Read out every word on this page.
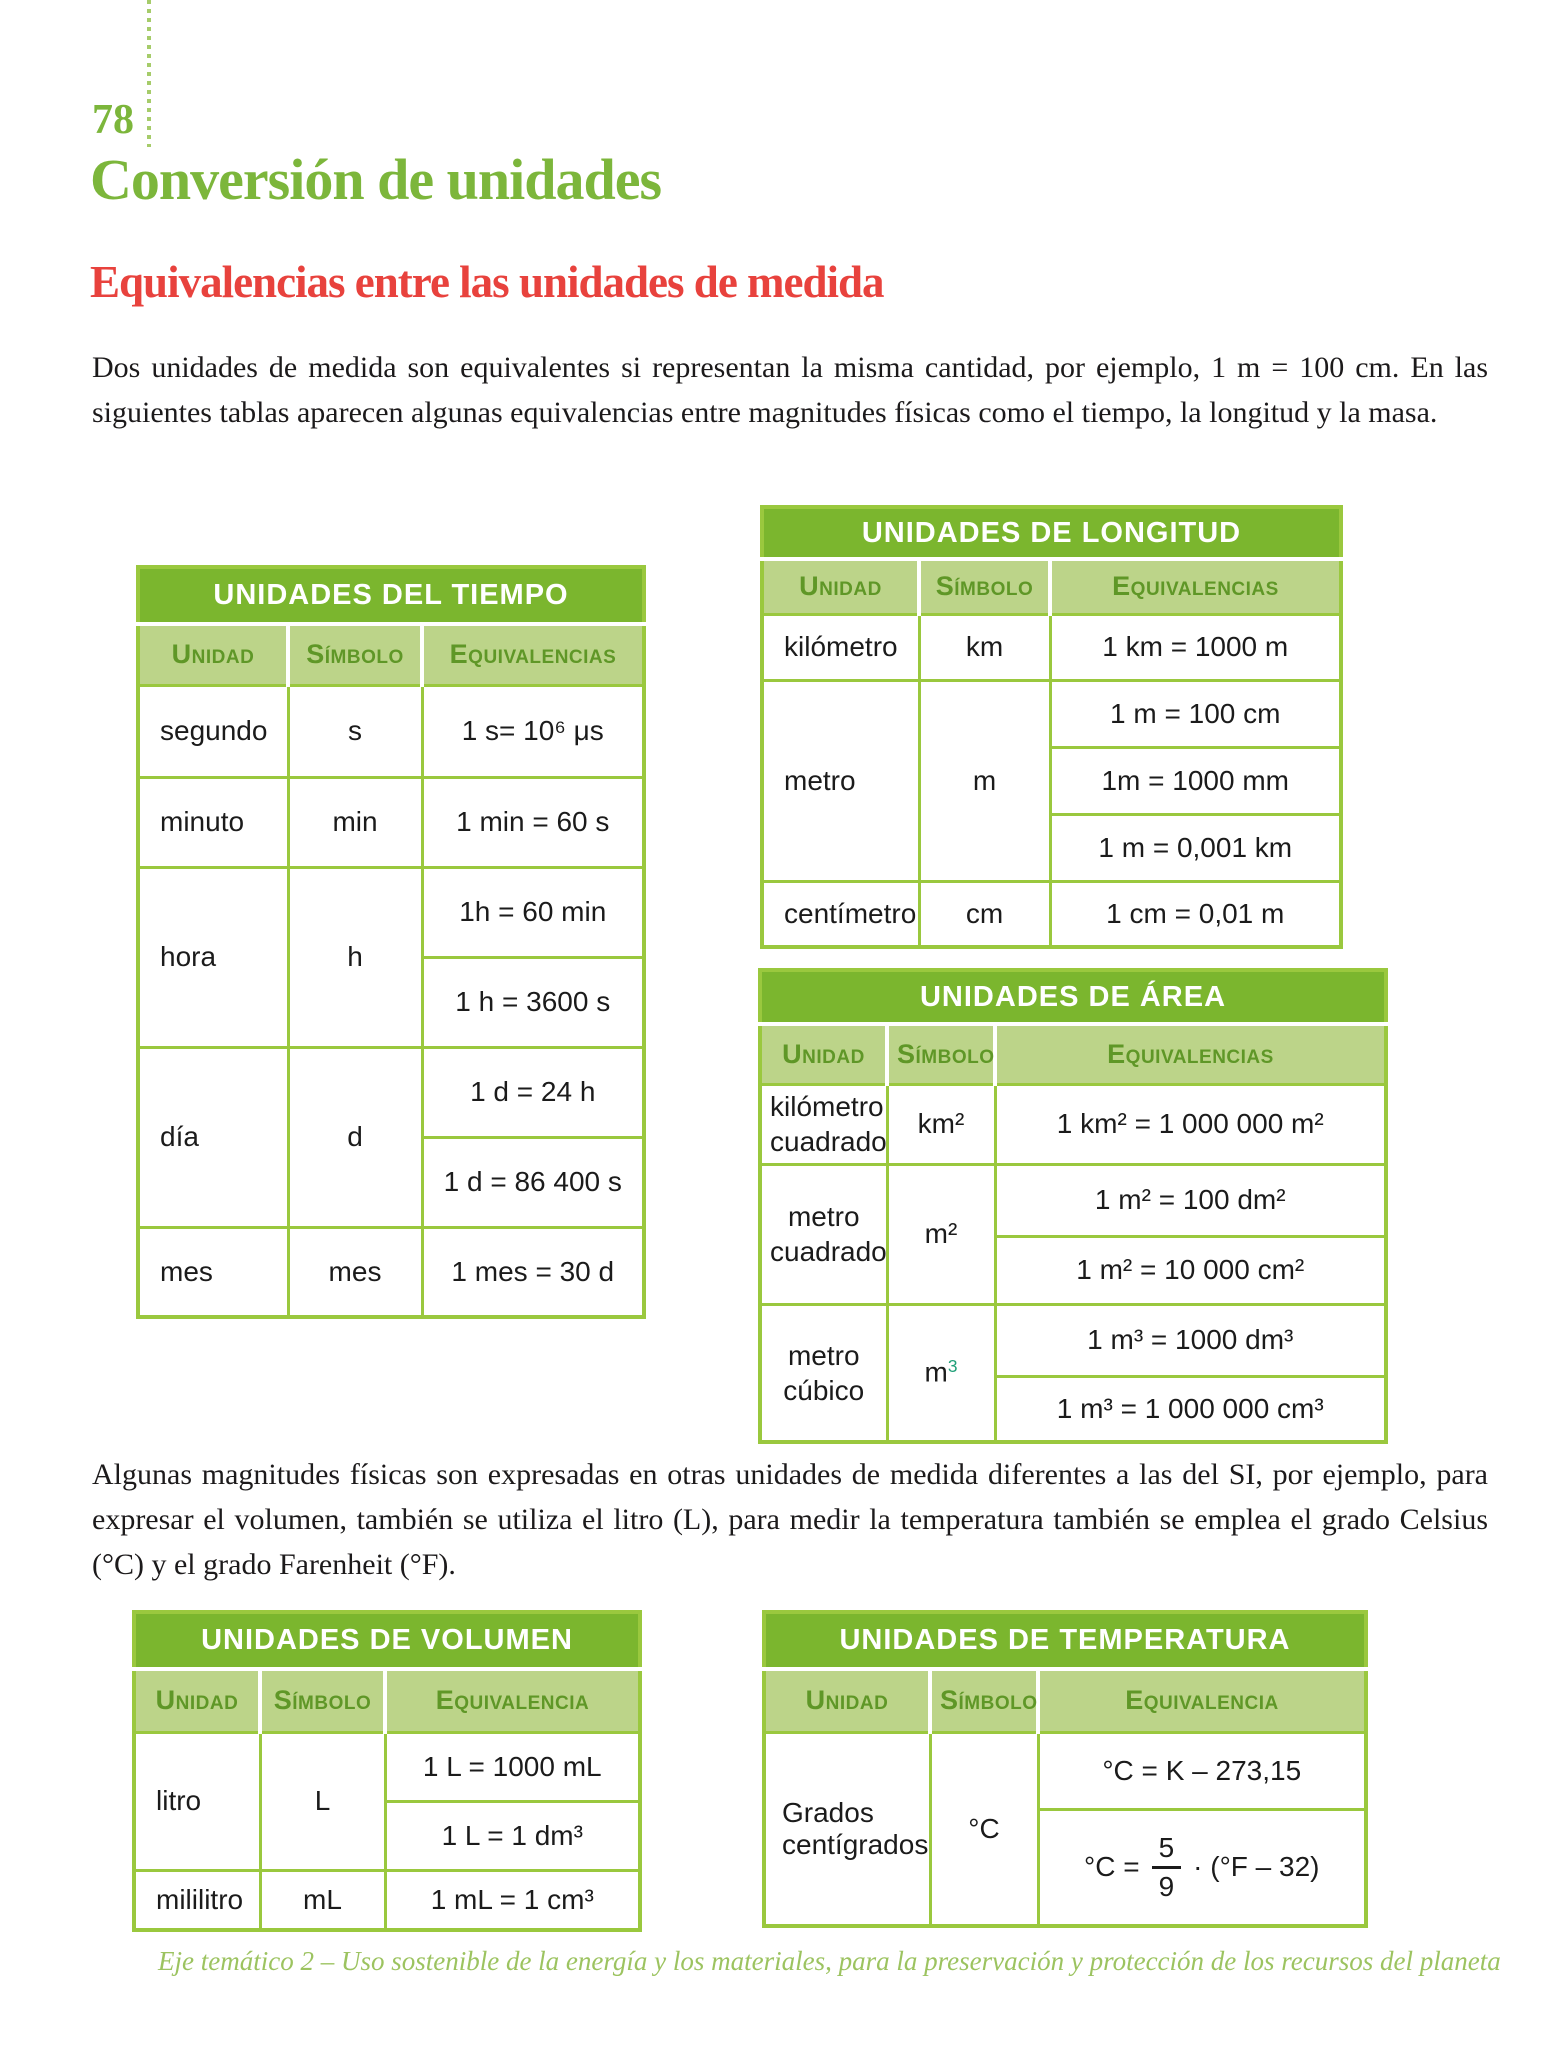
78
Conversión de unidades
Equivalencias entre las unidades de medida
Dos unidades de medida son equivalentes si representan la misma cantidad, por ejemplo, 1 m = 100 cm. En las siguientes tablas aparecen algunas equivalencias entre magnitudes físicas como el tiempo, la longitud y la masa.
UNIDADES DEL TIEMPO		
Unidad	Símbolo	Equivalencias
segundo	s	1 s= 10⁶ μs
minuto	min	1 min = 60 s
hora	h	1h = 60 min
		1 h = 3600 s
día	d	1 d = 24 h
		1 d = 86 400 s
mes	mes	1 mes = 30 d
UNIDADES DE LONGITUD		
Unidad	Símbolo	Equivalencias
kilómetro	km	1 km = 1000 m
metro	m	1 m = 100 cm
		1m = 1000 mm
		1 m = 0,001 km
centímetro	cm	1 cm = 0,01 m
UNIDADES DE ÁREA		
Unidad	Símbolo	Equivalencias
kilómetro cuadrado	km²	1 km² = 1 000 000 m²
metro cuadrado	m²	1 m² = 100 dm²
		1 m² = 10 000 cm²
metro cúbico	$m^3$	1 m³ = 1000 dm³
		1 m³ = 1 000 000 cm³
Algunas magnitudes físicas son expresadas en otras unidades de medida diferentes a las del SI, por ejemplo, para expresar el volumen, también se utiliza el litro (L), para medir la temperatura también se emplea el grado Celsius (°C) y el grado Farenheit (°F).
UNIDADES DE VOLUMEN		
Unidad	Símbolo	Equivalencia
litro	L	1 L = 1000 mL
		1 L = 1 dm³
mililitro	mL	1 mL = 1 cm³
UNIDADES DE TEMPERATURA		
Unidad	Símbolo	Equivalencia
Grados centígrados	°C	°C = K – 273,15

		$^\circ C = \frac{5}{9} \cdot (^\circ F - 32)$
Eje temático 2 – Uso sostenible de la energía y los materiales, para la preservación y protección de los recursos del planeta
